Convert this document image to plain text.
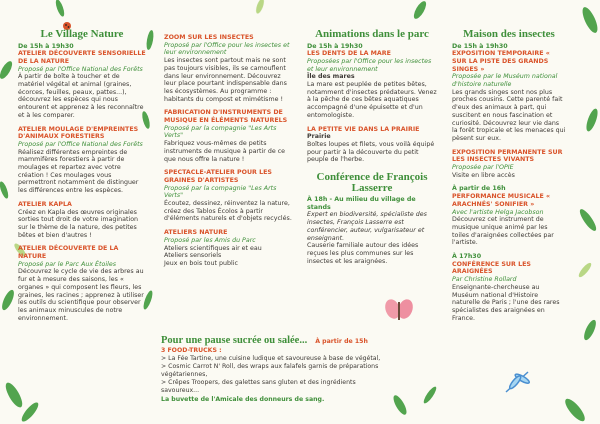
Le Village Nature

De 15h à 19h30

ATELIER DÉCOUVERTE SENSORIELLE DE LA NATURE

Proposé par l'Office National des Forêts

À partir de boîte à toucher et de matériel végétal et animal (graines, écorces, feuilles, peaux, pattes...), découvrez les espèces qui nous entourent et apprenez à les reconnaître et à les comparer.

ATELIER MOULAGE D'EMPREINTES D'ANIMAUX FORESTIERS

Proposé par l'Office National des Forêts

Réalisez différentes empreintes de mammifères forestiers à partir de moulages et repartez avec votre création ! Ces moulages vous permettront notamment de distinguer les différences entre les espèces.

ATELIER KAPLA

Créez en Kapla des œuvres originales sorties tout droit de votre imagination sur le thème de la nature, des petites bêtes et bien d'autres !

ATELIER DÉCOUVERTE DE LA NATURE

Proposé par le Parc Aux Étoiles

Découvrez le cycle de vie des arbres au fur et à mesure des saisons, les « organes » qui composent les fleurs, les graines, les racines ; apprenez à utiliser les outils du scientifique pour observer les animaux minuscules de notre environnement.

ZOOM SUR LES INSECTES

Proposé par l'Office pour les insectes et leur environnement

Les insectes sont partout mais ne sont pas toujours visibles, ils se camouflent dans leur environnement. Découvrez leur place pourtant indispensable dans les écosystèmes. Au programme : habitants du compost et mimétisme !

FABRICATION D'INSTRUMENTS DE MUSIQUE EN ÉLÉMENTS NATURELS

Proposé par la compagnie "Les Arts Verts"

Fabriquez vous-mêmes de petits instruments de musique à partir de ce que nous offre la nature !

SPECTACLE-ATELIER POUR LES GRAINES D'ARTISTES

Proposé par la compagnie "Les Arts Verts"

Écoutez, dessinez, réinventez la nature, créez des Tablos Écolos à partir d'éléments naturels et d'objets recyclés.

ATELIERS NATURE

Proposé par les Amis du Parc

Ateliers scientifiques air et eau
Ateliers sensoriels
Jeux en bois tout public

Animations dans le parc

De 15h à 19h30

LES DENTS DE LA MARE

Proposées par l'Office pour les insectes et leur environnement

Île des mares

La mare est peuplée de petites bêtes, notamment d'insectes prédateurs. Venez à la pêche de ces bêtes aquatiques accompagné d'une épuisette et d'un entomologiste.

LA PETITE VIE DANS LA PRAIRIE

Prairie

Boîtes loupes et filets, vous voilà équipé pour partir à la découverte du petit peuple de l'herbe.

Conférence de François Lasserre

À 18h - Au milieu du village de stands

Expert en biodiversité, spécialiste des insectes, François Lasserre est conférencier, auteur, vulgarisateur et enseignant.

Causerie familiale autour des idées reçues les plus communes sur les insectes et les araignées.

Maison des insectes

De 15h à 19h30

EXPOSITION TEMPORAIRE « SUR LA PISTE DES GRANDS SINGES »

Proposée par le Muséum national d'histoire naturelle

Les grands singes sont nos plus proches cousins. Cette parenté fait d'eux des animaux à part, qui suscitent en nous fascination et curiosité. Découvrez leur vie dans la forêt tropicale et les menaces qui pèsent sur eux.

EXPOSITION PERMANENTE SUR LES INSECTES VIVANTS

Proposée par l'OPIE

Visite en libre accès

À partir de 16h

PERFORMANCE MUSICALE « ARACHNÉS' SONIFIER »

Avec l'artiste Helga Jacobson

Découvrez cet instrument de musique unique animé par les toiles d'araignées collectées par l'artiste.

À 17h30

CONFÉRENCE SUR LES ARAIGNÉES

Par Christine Rollard

Enseignante-chercheuse au Muséum national d'Histoire naturelle de Paris ; l'une des rares spécialistes des araignées en France.

Pour une pause sucrée ou salée... À partir de 15h

3 FOOD-TRUCKS :

> La Fée Tartine, une cuisine ludique et savoureuse à base de végétal,

> Cosmic Carrot N' Roll, des wraps aux falafels garnis de préparations végétariennes,

> Crêpes Troopers, des galettes sans gluten et des ingrédients savoureux...

La buvette de l'Amicale des donneurs de sang.
